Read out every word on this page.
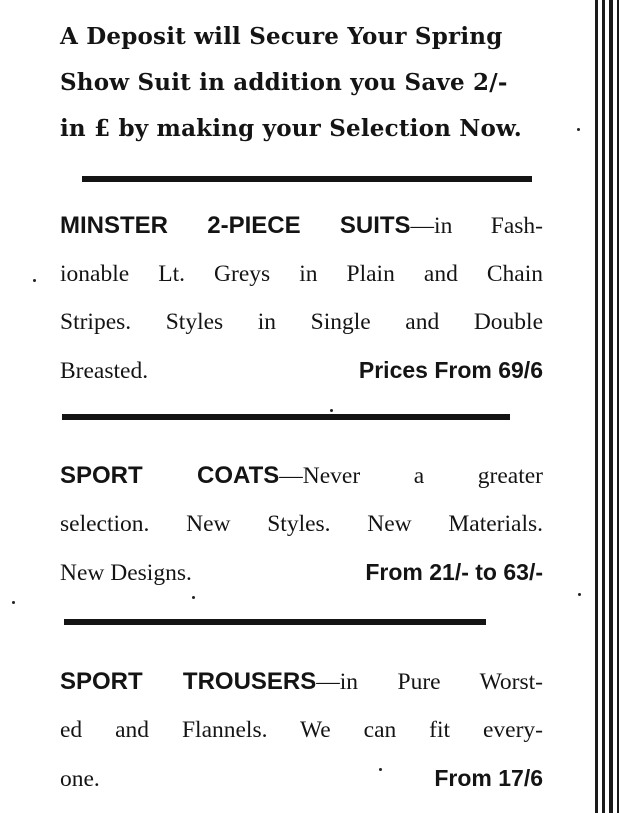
A Deposit will Secure Your Spring
Show Suit in addition you Save 2/-
in £ by making your Selection Now.

MINSTER 2-PIECE SUITS—in Fash-

ionable Lt. Greys in Plain and Chain

Stripes. Styles in Single and Double

Breasted.	Prices From 69/6

SPORT COATS—Never a greater

selection. New Styles. New Materials.

New Designs.	From 21/- to 63/-

SPORT TROUSERS—in Pure Worst-

ed and Flannels. We can fit every-

one.	From 17/6
